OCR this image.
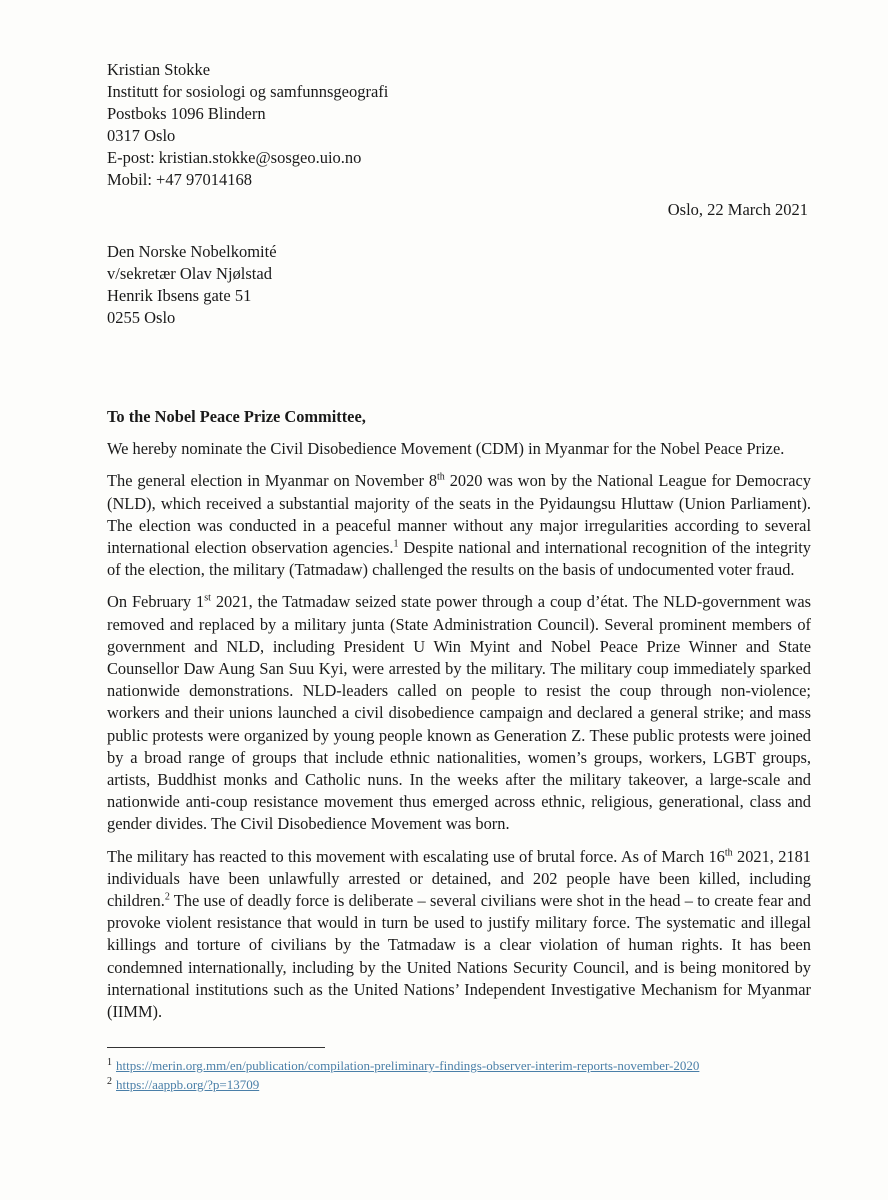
Kristian Stokke
Institutt for sosiologi og samfunnsgeografi
Postboks 1096 Blindern
0317 Oslo
E-post: kristian.stokke@sosgeo.uio.no
Mobil: +47 97014168
Oslo, 22 March 2021
Den Norske Nobelkomité
v/sekretær Olav Njølstad
Henrik Ibsens gate 51
0255 Oslo

To the Nobel Peace Prize Committee,

We hereby nominate the Civil Disobedience Movement (CDM) in Myanmar for the Nobel Peace Prize.

The general election in Myanmar on November 8th 2020 was won by the National League for Democracy (NLD), which received a substantial majority of the seats in the Pyidaungsu Hluttaw (Union Parliament). The election was conducted in a peaceful manner without any major irregularities according to several international election observation agencies.$^1$ Despite national and international recognition of the integrity of the election, the military (Tatmadaw) challenged the results on the basis of undocumented voter fraud.

On February 1st 2021, the Tatmadaw seized state power through a coup d’état. The NLD-government was removed and replaced by a military junta (State Administration Council). Several prominent members of government and NLD, including President U Win Myint and Nobel Peace Prize Winner and State Counsellor Daw Aung San Suu Kyi, were arrested by the military. The military coup immediately sparked nationwide demonstrations. NLD-leaders called on people to resist the coup through non-violence; workers and their unions launched a civil disobedience campaign and declared a general strike; and mass public protests were organized by young people known as Generation Z. These public protests were joined by a broad range of groups that include ethnic nationalities, women’s groups, workers, LGBT groups, artists, Buddhist monks and Catholic nuns. In the weeks after the military takeover, a large-scale and nationwide anti-coup resistance movement thus emerged across ethnic, religious, generational, class and gender divides. The Civil Disobedience Movement was born.

The military has reacted to this movement with escalating use of brutal force. As of March 16th 2021, 2181 individuals have been unlawfully arrested or detained, and 202 people have been killed, including children.$^2$ The use of deadly force is deliberate – several civilians were shot in the head – to create fear and provoke violent resistance that would in turn be used to justify military force. The systematic and illegal killings and torture of civilians by the Tatmadaw is a clear violation of human rights. It has been condemned internationally, including by the United Nations Security Council, and is being monitored by international institutions such as the United Nations’ Independent Investigative Mechanism for Myanmar (IIMM).

$^1$ https://merin.org.mm/en/publication/compilation-preliminary-findings-observer-interim-reports-november-2020
$^2$ https://aappb.org/?p=13709
